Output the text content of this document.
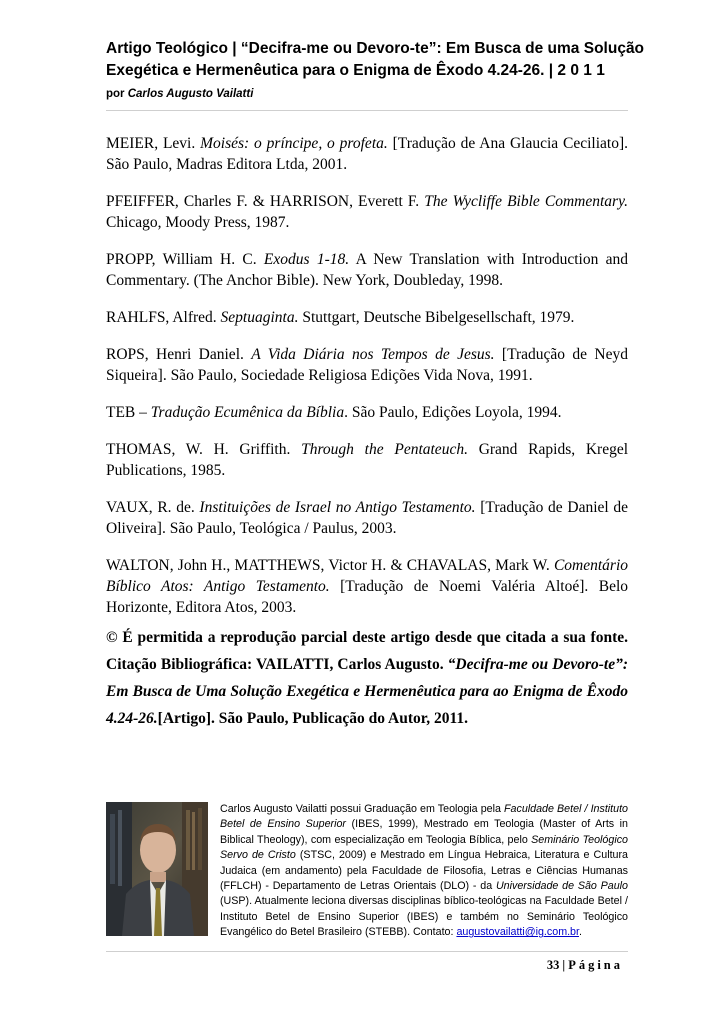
Artigo Teológico | “Decifra-me ou Devoro-te”: Em Busca de uma Solução
Exegética e Hermenêutica para o Enigma de Êxodo 4.24-26. | 2 0 1 1
por Carlos Augusto Vailatti

MEIER, Levi. Moisés: o príncipe, o profeta. [Tradução de Ana Glaucia Ceciliato]. São Paulo, Madras Editora Ltda, 2001.

PFEIFFER, Charles F. & HARRISON, Everett F. The Wycliffe Bible Commentary. Chicago, Moody Press, 1987.

PROPP, William H. C. Exodus 1-18. A New Translation with Introduction and Commentary. (The Anchor Bible). New York, Doubleday, 1998.

RAHLFS, Alfred. Septuaginta. Stuttgart, Deutsche Bibelgesellschaft, 1979.

ROPS, Henri Daniel. A Vida Diária nos Tempos de Jesus. [Tradução de Neyd Siqueira]. São Paulo, Sociedade Religiosa Edições Vida Nova, 1991.

TEB – Tradução Ecumênica da Bíblia. São Paulo, Edições Loyola, 1994.

THOMAS, W. H. Griffith. Through the Pentateuch. Grand Rapids, Kregel Publications, 1985.

VAUX, R. de. Instituições de Israel no Antigo Testamento. [Tradução de Daniel de Oliveira]. São Paulo, Teológica / Paulus, 2003.

WALTON, John H., MATTHEWS, Victor H. & CHAVALAS, Mark W. Comentário Bíblico Atos: Antigo Testamento. [Tradução de Noemi Valéria Altoé]. Belo Horizonte, Editora Atos, 2003.

© É permitida a reprodução parcial deste artigo desde que citada a sua fonte. Citação Bibliográfica: VAILATTI, Carlos Augusto. “Decifra-me ou Devoro-te”: Em Busca de Uma Solução Exegética e Hermenêutica para ao Enigma de Êxodo 4.24-26.[Artigo]. São Paulo, Publicação do Autor, 2011.
Carlos Augusto Vailatti possui Graduação em Teologia pela Faculdade Betel / Instituto Betel de Ensino Superior (IBES, 1999), Mestrado em Teologia (Master of Arts in Biblical Theology), com especialização em Teologia Bíblica, pelo Seminário Teológico Servo de Cristo (STSC, 2009) e Mestrado em Língua Hebraica, Literatura e Cultura Judaica (em andamento) pela Faculdade de Filosofia, Letras e Ciências Humanas (FFLCH) - Departamento de Letras Orientais (DLO) - da Universidade de São Paulo (USP). Atualmente leciona diversas disciplinas bíblico-teológicas na Faculdade Betel / Instituto Betel de Ensino Superior (IBES) e também no Seminário Teológico Evangélico do Betel Brasileiro (STEBB). Contato: augustovailatti@ig.com.br.
33 | Página
